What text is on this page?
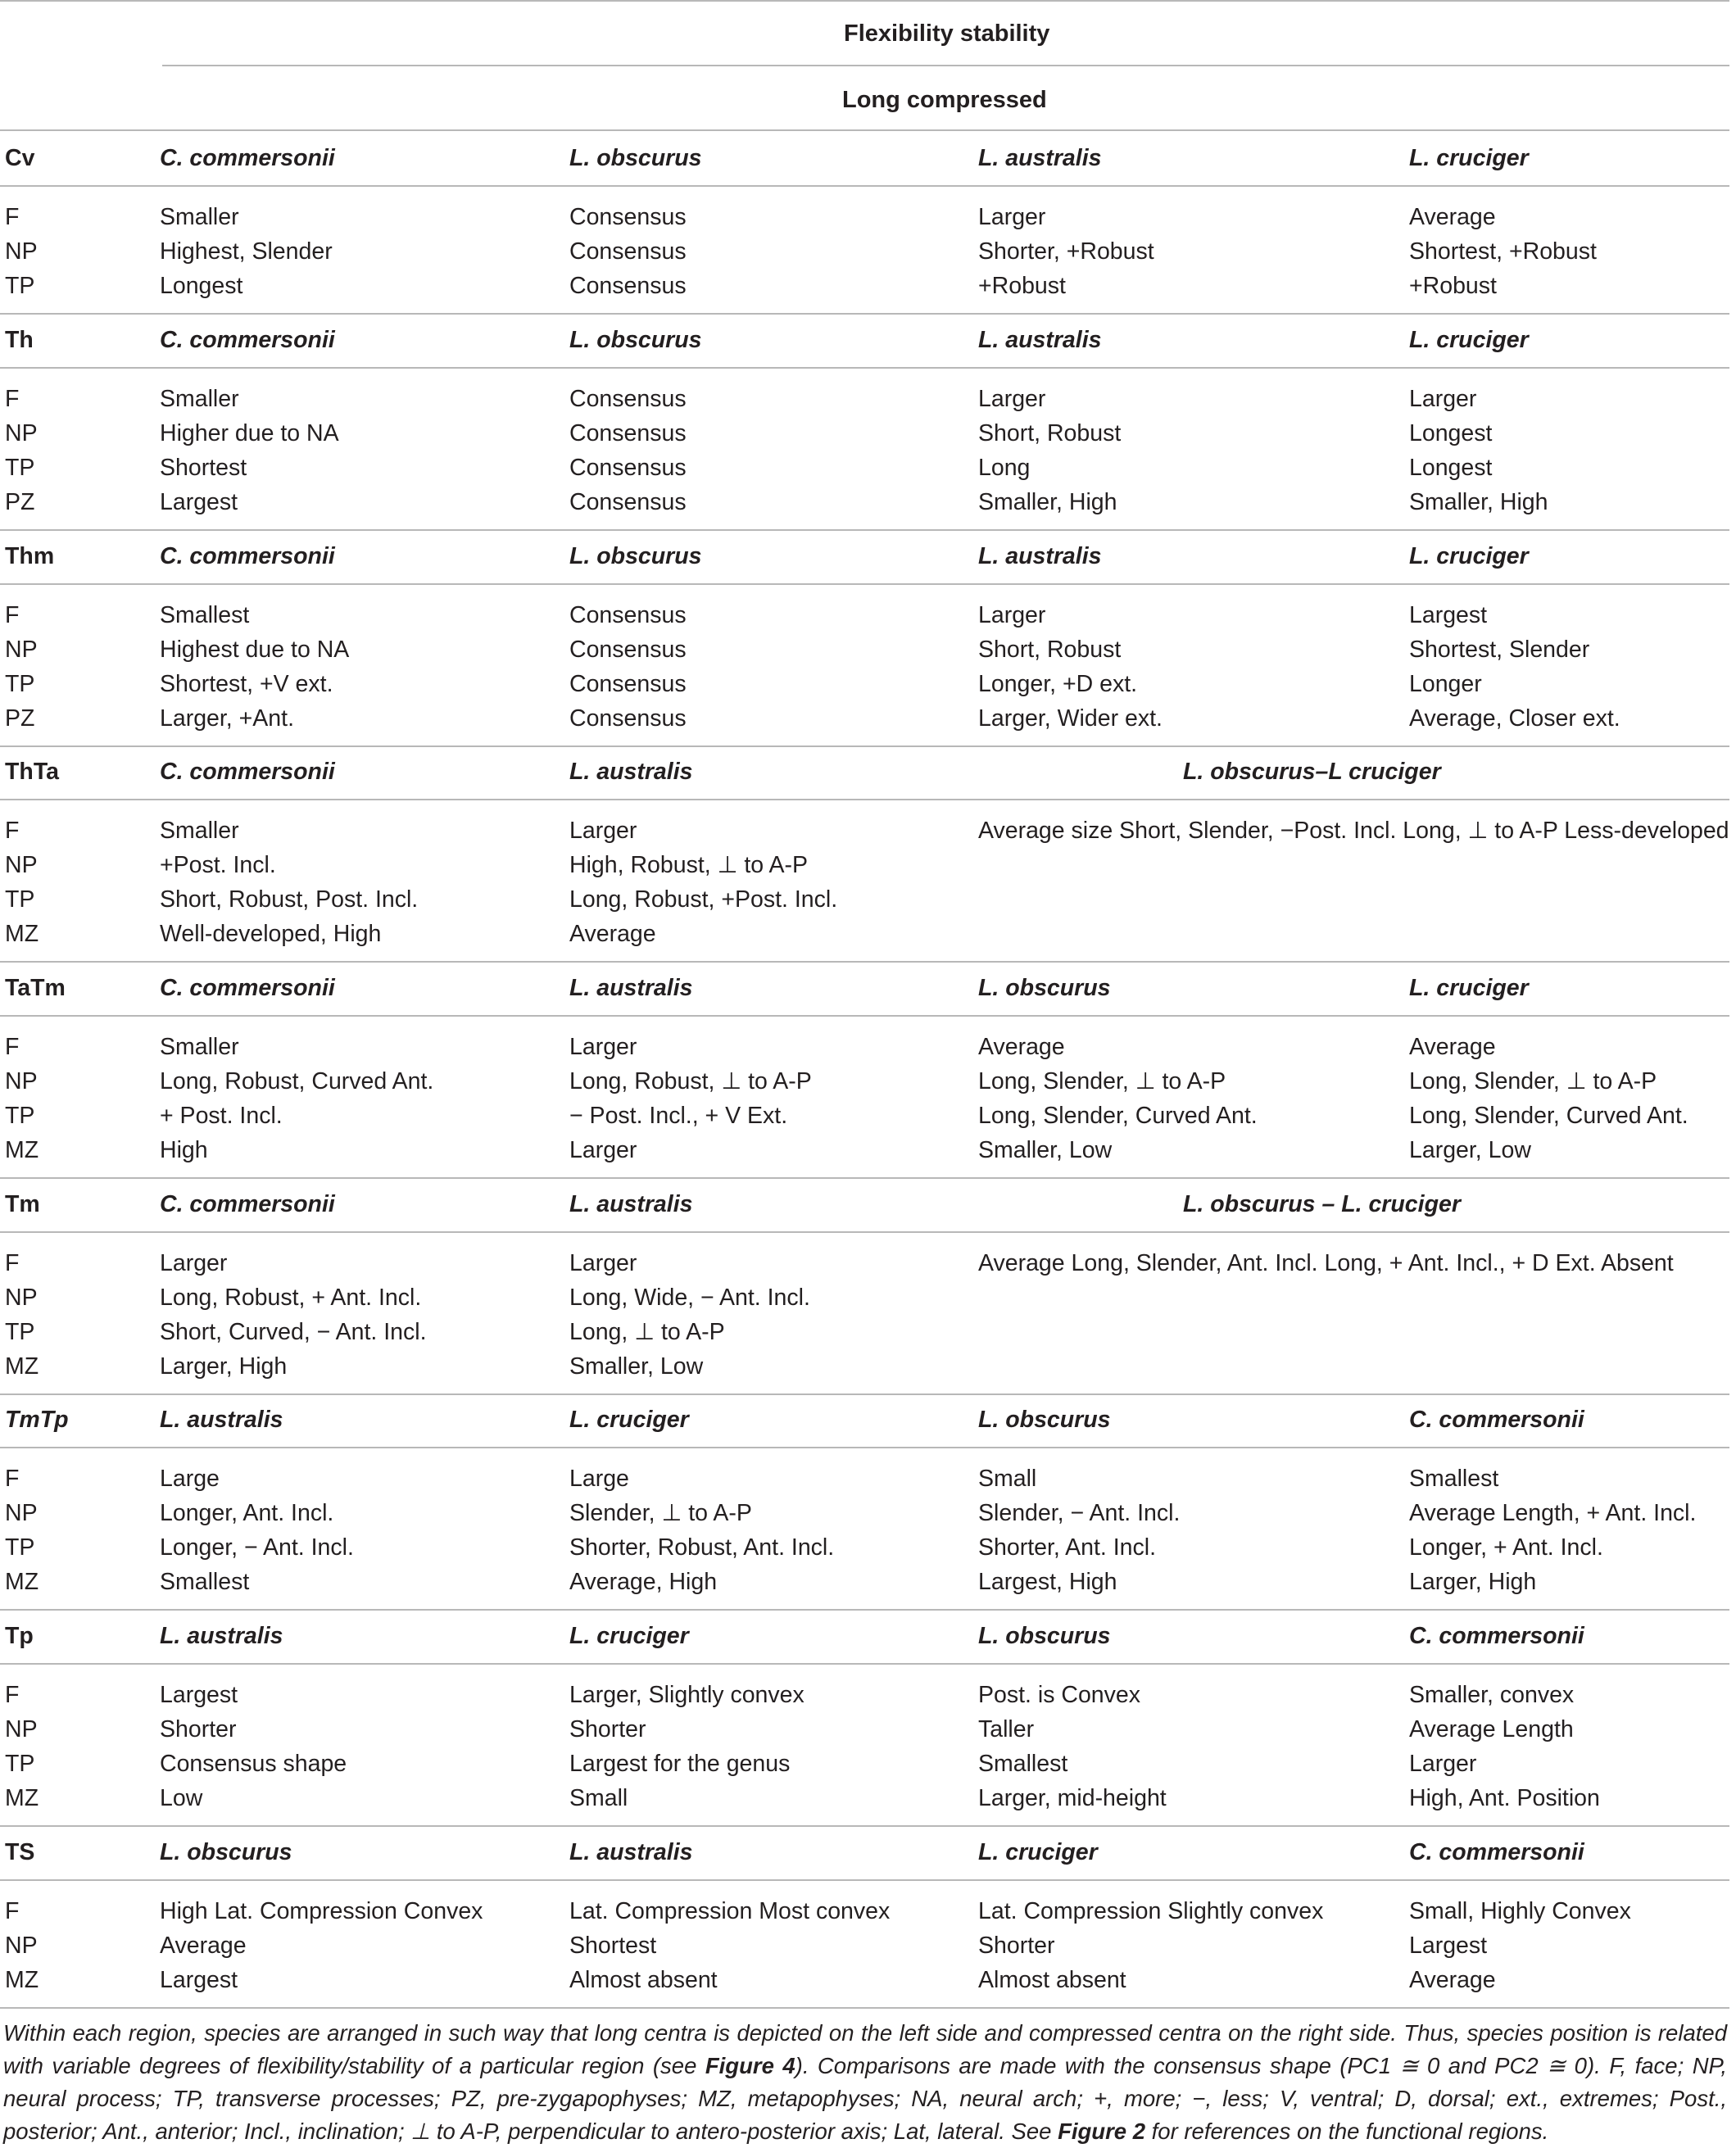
Flexibility stability
Long compressed
Cv	C. commersonii	L. obscurus	L. australis	L. cruciger
F	Smaller	Consensus	Larger	Average
NP	Highest, Slender	Consensus	Shorter, +Robust	Shortest, +Robust
TP	Longest	Consensus	+Robust	+Robust
Th	C. commersonii	L. obscurus	L. australis	L. cruciger
F	Smaller	Consensus	Larger	Larger
NP	Higher due to NA	Consensus	Short, Robust	Longest
TP	Shortest	Consensus	Long	Longest
PZ	Largest	Consensus	Smaller, High	Smaller, High
Thm	C. commersonii	L. obscurus	L. australis	L. cruciger
F	Smallest	Consensus	Larger	Largest
NP	Highest due to NA	Consensus	Short, Robust	Shortest, Slender
TP	Shortest, +V ext.	Consensus	Longer, +D ext.	Longer
PZ	Larger, +Ant.	Consensus	Larger, Wider ext.	Average, Closer ext.
ThTa	C. commersonii	L. australis	L. obscurus–L cruciger
F	Smaller	Larger	Average size Short, Slender, −Post. Incl. Long, ⊥ to A-P Less-developed
NP	+Post. Incl.	High, Robust, ⊥ to A-P
TP	Short, Robust, Post. Incl.	Long, Robust, +Post. Incl.
MZ	Well-developed, High	Average
TaTm	C. commersonii	L. australis	L. obscurus	L. cruciger
F	Smaller	Larger	Average	Average
NP	Long, Robust, Curved Ant.	Long, Robust, ⊥ to A-P	Long, Slender, ⊥ to A-P	Long, Slender, ⊥ to A-P
TP	+ Post. Incl.	− Post. Incl., + V Ext.	Long, Slender, Curved Ant.	Long, Slender, Curved Ant.
MZ	High	Larger	Smaller, Low	Larger, Low
Tm	C. commersonii	L. australis	L. obscurus – L. cruciger
F	Larger	Larger	Average Long, Slender, Ant. Incl. Long, + Ant. Incl., + D Ext. Absent
NP	Long, Robust, + Ant. Incl.	Long, Wide, − Ant. Incl.
TP	Short, Curved, − Ant. Incl.	Long, ⊥ to A-P
MZ	Larger, High	Smaller, Low
TmTp	L. australis	L. cruciger	L. obscurus	C. commersonii
F	Large	Large	Small	Smallest
NP	Longer, Ant. Incl.	Slender, ⊥ to A-P	Slender, − Ant. Incl.	Average Length, + Ant. Incl.
TP	Longer, − Ant. Incl.	Shorter, Robust, Ant. Incl.	Shorter, Ant. Incl.	Longer, + Ant. Incl.
MZ	Smallest	Average, High	Largest, High	Larger, High
Tp	L. australis	L. cruciger	L. obscurus	C. commersonii
F	Largest	Larger, Slightly convex	Post. is Convex	Smaller, convex
NP	Shorter	Shorter	Taller	Average Length
TP	Consensus shape	Largest for the genus	Smallest	Larger
MZ	Low	Small	Larger, mid-height	High, Ant. Position
TS	L. obscurus	L. australis	L. cruciger	C. commersonii
F	High Lat. Compression Convex	Lat. Compression Most convex	Lat. Compression Slightly convex	Small, Highly Convex
NP	Average	Shortest	Shorter	Largest
MZ	Largest	Almost absent	Almost absent	Average
Within each region, species are arranged in such way that long centra is depicted on the left side and compressed centra on the right side. Thus, species position is related with variable degrees of flexibility/stability of a particular region (see Figure 4). Comparisons are made with the consensus shape (PC1 ≅ 0 and PC2 ≅ 0). F, face; NP, neural process; TP, transverse processes; PZ, pre-zygapophyses; MZ, metapophyses; NA, neural arch; +, more; −, less; V, ventral; D, dorsal; ext., extremes; Post., posterior; Ant., anterior; Incl., inclination; ⊥ to A-P, perpendicular to antero-posterior axis; Lat, lateral. See Figure 2 for references on the functional regions.
